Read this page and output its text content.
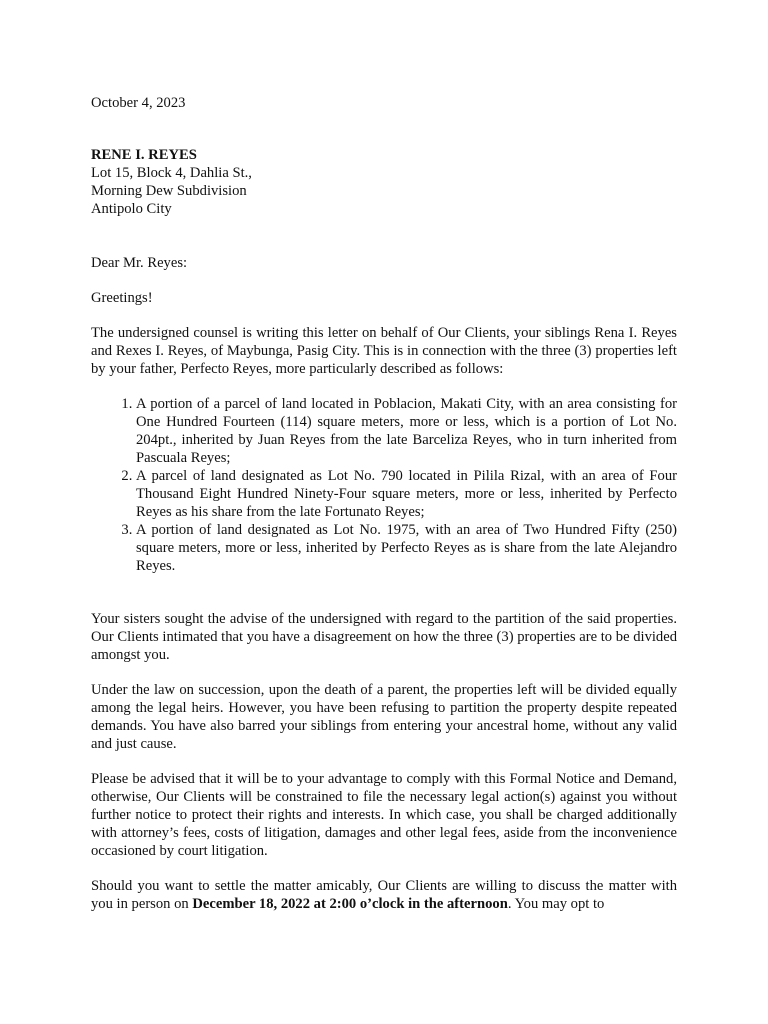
October 4, 2023

RENE I. REYES

Lot 15, Block 4, Dahlia St.,

Morning Dew Subdivision

Antipolo City

Dear Mr. Reyes:

Greetings!

The undersigned counsel is writing this letter on behalf of Our Clients, your siblings Rena I. Reyes and Rexes I. Reyes, of Maybunga, Pasig City. This is in connection with the three (3) properties left by your father, Perfecto Reyes, more particularly described as follows:

1. A portion of a parcel of land located in Poblacion, Makati City, with an area consisting for One Hundred Fourteen (114) square meters, more or less, which is a portion of Lot No. 204pt., inherited by Juan Reyes from the late Barceliza Reyes, who in turn inherited from Pascuala Reyes;
2. A parcel of land designated as Lot No. 790 located in Pilila Rizal, with an area of Four Thousand Eight Hundred Ninety-Four square meters, more or less, inherited by Perfecto Reyes as his share from the late Fortunato Reyes;
3. A portion of land designated as Lot No. 1975, with an area of Two Hundred Fifty (250) square meters, more or less, inherited by Perfecto Reyes as is share from the late Alejandro Reyes.

Your sisters sought the advise of the undersigned with regard to the partition of the said properties. Our Clients intimated that you have a disagreement on how the three (3) properties are to be divided amongst you.

Under the law on succession, upon the death of a parent, the properties left will be divided equally among the legal heirs. However, you have been refusing to partition the property despite repeated demands. You have also barred your siblings from entering your ancestral home, without any valid and just cause.

Please be advised that it will be to your advantage to comply with this Formal Notice and Demand, otherwise, Our Clients will be constrained to file the necessary legal action(s) against you without further notice to protect their rights and interests. In which case, you shall be charged additionally with attorney’s fees, costs of litigation, damages and other legal fees, aside from the inconvenience occasioned by court litigation.

Should you want to settle the matter amicably, Our Clients are willing to discuss the matter with you in person on December 18, 2022 at 2:00 o’clock in the afternoon. You may opt to
